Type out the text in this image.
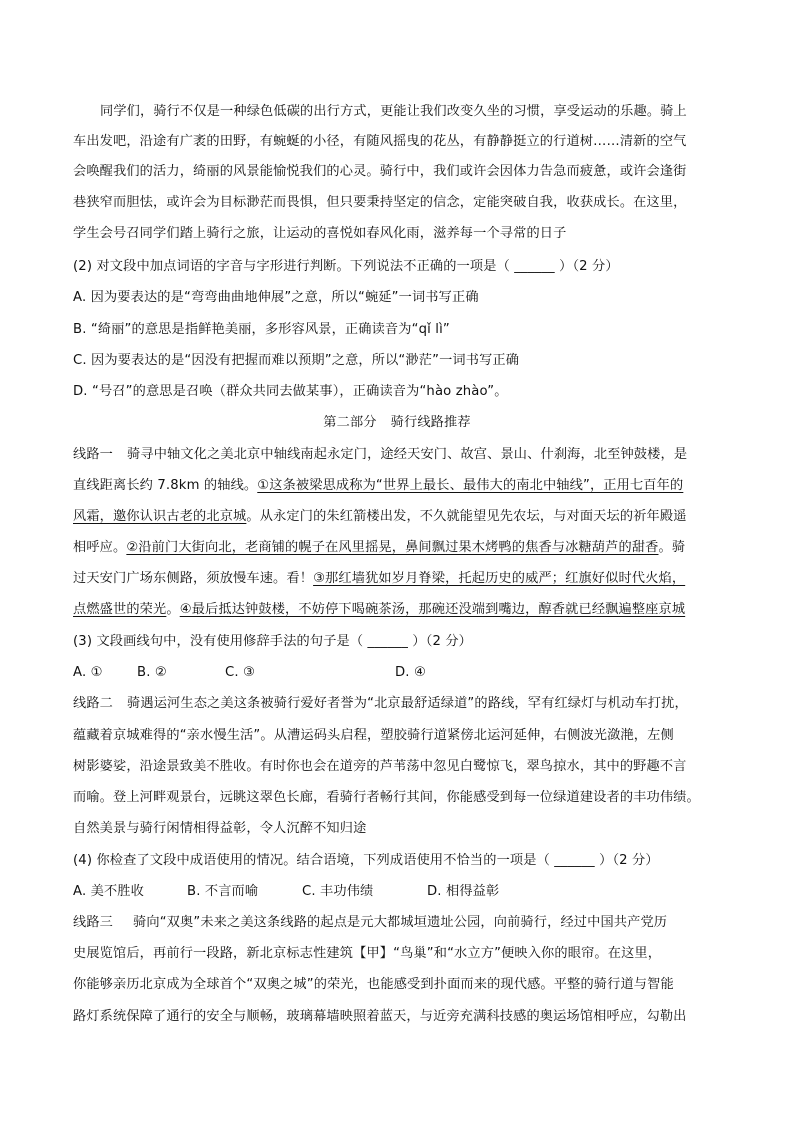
同学们，骑行不仅是一种绿色低碳的出行方式，更能让我们改变久坐的习惯，享受运动的乐趣。骑上
车出发吧，沿途有广袤的田野，有蜿蜒的小径，有随风摇曳的花丛，有静静挺立的行道树……清新的空气
会唤醒我们的活力，绮丽的风景能愉悦我们的心灵。骑行中，我们或许会因体力告急而疲惫，或许会逢街
巷狭窄而胆怯，或许会为目标渺茫而畏惧，但只要秉持坚定的信念，定能突破自我，收获成长。在这里，
学生会号召同学们踏上骑行之旅，让运动的喜悦如春风化雨，滋养每一个寻常的日子
(2) 对文段中加点词语的字音与字形进行判断。下列说法不正确的一项是（ ______ ）（2 分）
A. 因为要表达的是“弯弯曲曲地伸展”之意，所以“蜿延”一词书写正确
B. “绮丽”的意思是指鲜艳美丽，多形容风景，正确读音为“qǐ lì”
C. 因为要表达的是“因没有把握而难以预期”之意，所以“渺茫”一词书写正确
D. “号召”的意思是召唤（群众共同去做某事），正确读音为“hào zhào”。
第二部分 骑行线路推荐
线路一 骑寻中轴文化之美北京中轴线南起永定门，途经天安门、故宫、景山、什刹海，北至钟鼓楼，是
直线距离长约 7.8km 的轴线。①这条被梁思成称为“世界上最长、最伟大的南北中轴线”，正用七百年的
风霜，邀你认识古老的北京城。从永定门的朱红箭楼出发，不久就能望见先农坛，与对面天坛的祈年殿遥
相呼应。②沿前门大街向北，老商铺的幌子在风里摇晃，鼻间飘过果木烤鸭的焦香与冰糖葫芦的甜香。骑
过天安门广场东侧路，须放慢车速。看！③那红墙犹如岁月脊梁，托起历史的威严；红旗好似时代火焰，
点燃盛世的荣光。④最后抵达钟鼓楼，不妨停下喝碗茶汤，那碗还没端到嘴边，醇香就已经飘遍整座京城
(3) 文段画线句中，没有使用修辞手法的句子是（ ______ ）（2 分）
A. ①	B. ②	C. ③	D. ④
线路二 骑遇运河生态之美这条被骑行爱好者誉为“北京最舒适绿道”的路线，罕有红绿灯与机动车打扰，
蕴藏着京城难得的“亲水慢生活”。从漕运码头启程，塑胶骑行道紧傍北运河延伸，右侧波光潋滟，左侧
树影婆娑，沿途景致美不胜收。有时你也会在道旁的芦苇荡中忽见白鹭惊飞，翠鸟掠水，其中的野趣不言
而喻。登上河畔观景台，远眺这翠色长廊，看骑行者畅行其间，你能感受到每一位绿道建设者的丰功伟绩。
自然美景与骑行闲情相得益彰，令人沉醉不知归途
(4) 你检查了文段中成语使用的情况。结合语境，下列成语使用不恰当的一项是（ ______ ）（2 分）
A. 美不胜收	B. 不言而喻	C. 丰功伟绩	D. 相得益彰
线路三 骑向“双奥”未来之美这条线路的起点是元大都城垣遗址公园，向前骑行，经过中国共产党历
史展览馆后，再前行一段路，新北京标志性建筑【甲】“鸟巢”和“水立方”便映入你的眼帘。在这里，
你能够亲历北京成为全球首个“双奥之城”的荣光，也能感受到扑面而来的现代感。平整的骑行道与智能
路灯系统保障了通行的安全与顺畅，玻璃幕墙映照着蓝天，与近旁充满科技感的奥运场馆相呼应，勾勒出
